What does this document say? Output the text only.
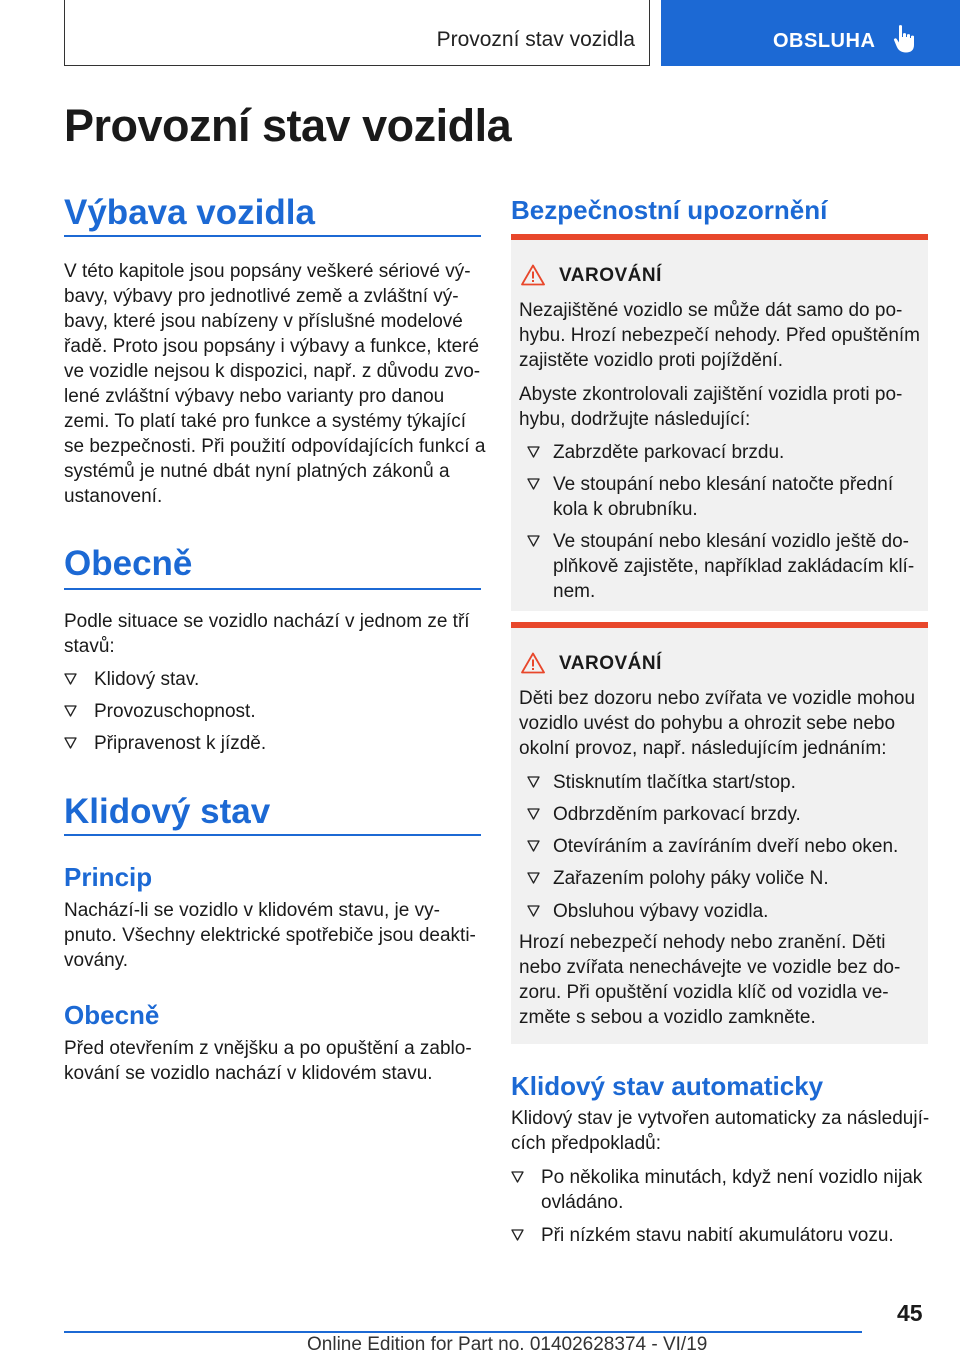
Provozní stav vozidla	OBSLUHA
Provozní stav vozidla
Výbava vozidla
V této kapitole jsou popsány veškeré sériové vý‐
bavy, výbavy pro jednotlivé země a zvláštní vý‐
bavy, které jsou nabízeny v příslušné modelové
řadě. Proto jsou popsány i výbavy a funkce, které
ve vozidle nejsou k dispozici, např. z důvodu zvo‐
lené zvláštní výbavy nebo varianty pro danou
zemi. To platí také pro funkce a systémy týkající
se bezpečnosti. Při použití odpovídajících funkcí a
systémů je nutné dbát nyní platných zákonů a
ustanovení.
Obecně
Podle situace se vozidlo nachází v jednom ze tří
stavů:
Klidový stav.
Provozuschopnost.
Připravenost k jízdě.
Klidový stav
Princip
Nachází-li se vozidlo v klidovém stavu, je vy‐
pnuto. Všechny elektrické spotřebiče jsou deakti‐
vovány.
Obecně
Před otevřením z vnějšku a po opuštění a zablo‐
kování se vozidlo nachází v klidovém stavu.
Bezpečnostní upozornění
VAROVÁNÍ
Nezajištěné vozidlo se může dát samo do po‐
hybu. Hrozí nebezpečí nehody. Před opuštěním
zajistěte vozidlo proti pojíždění.
Abyste zkontrolovali zajištění vozidla proti po‐
hybu, dodržujte následující:
Zabrzděte parkovací brzdu.
Ve stoupání nebo klesání natočte přední
kola k obrubníku.
Ve stoupání nebo klesání vozidlo ještě do‐
plňkově zajistěte, například zakládacím klí‐
nem.
VAROVÁNÍ
Děti bez dozoru nebo zvířata ve vozidle mohou
vozidlo uvést do pohybu a ohrozit sebe nebo
okolní provoz, např. následujícím jednáním:
Stisknutím tlačítka start/stop.
Odbrzděním parkovací brzdy.
Otevíráním a zavíráním dveří nebo oken.
Zařazením polohy páky voliče N.
Obsluhou výbavy vozidla.
Hrozí nebezpečí nehody nebo zranění. Děti
nebo zvířata nenechávejte ve vozidle bez do‐
zoru. Při opuštění vozidla klíč od vozidla ve‐
změte s sebou a vozidlo zamkněte.
Klidový stav automaticky
Klidový stav je vytvořen automaticky za následují‐
cích předpokladů:
Po několika minutách, když není vozidlo nijak
ovládáno.
Při nízkém stavu nabití akumulátoru vozu.
45
Online Edition for Part no. 01402628374 - VI/19
